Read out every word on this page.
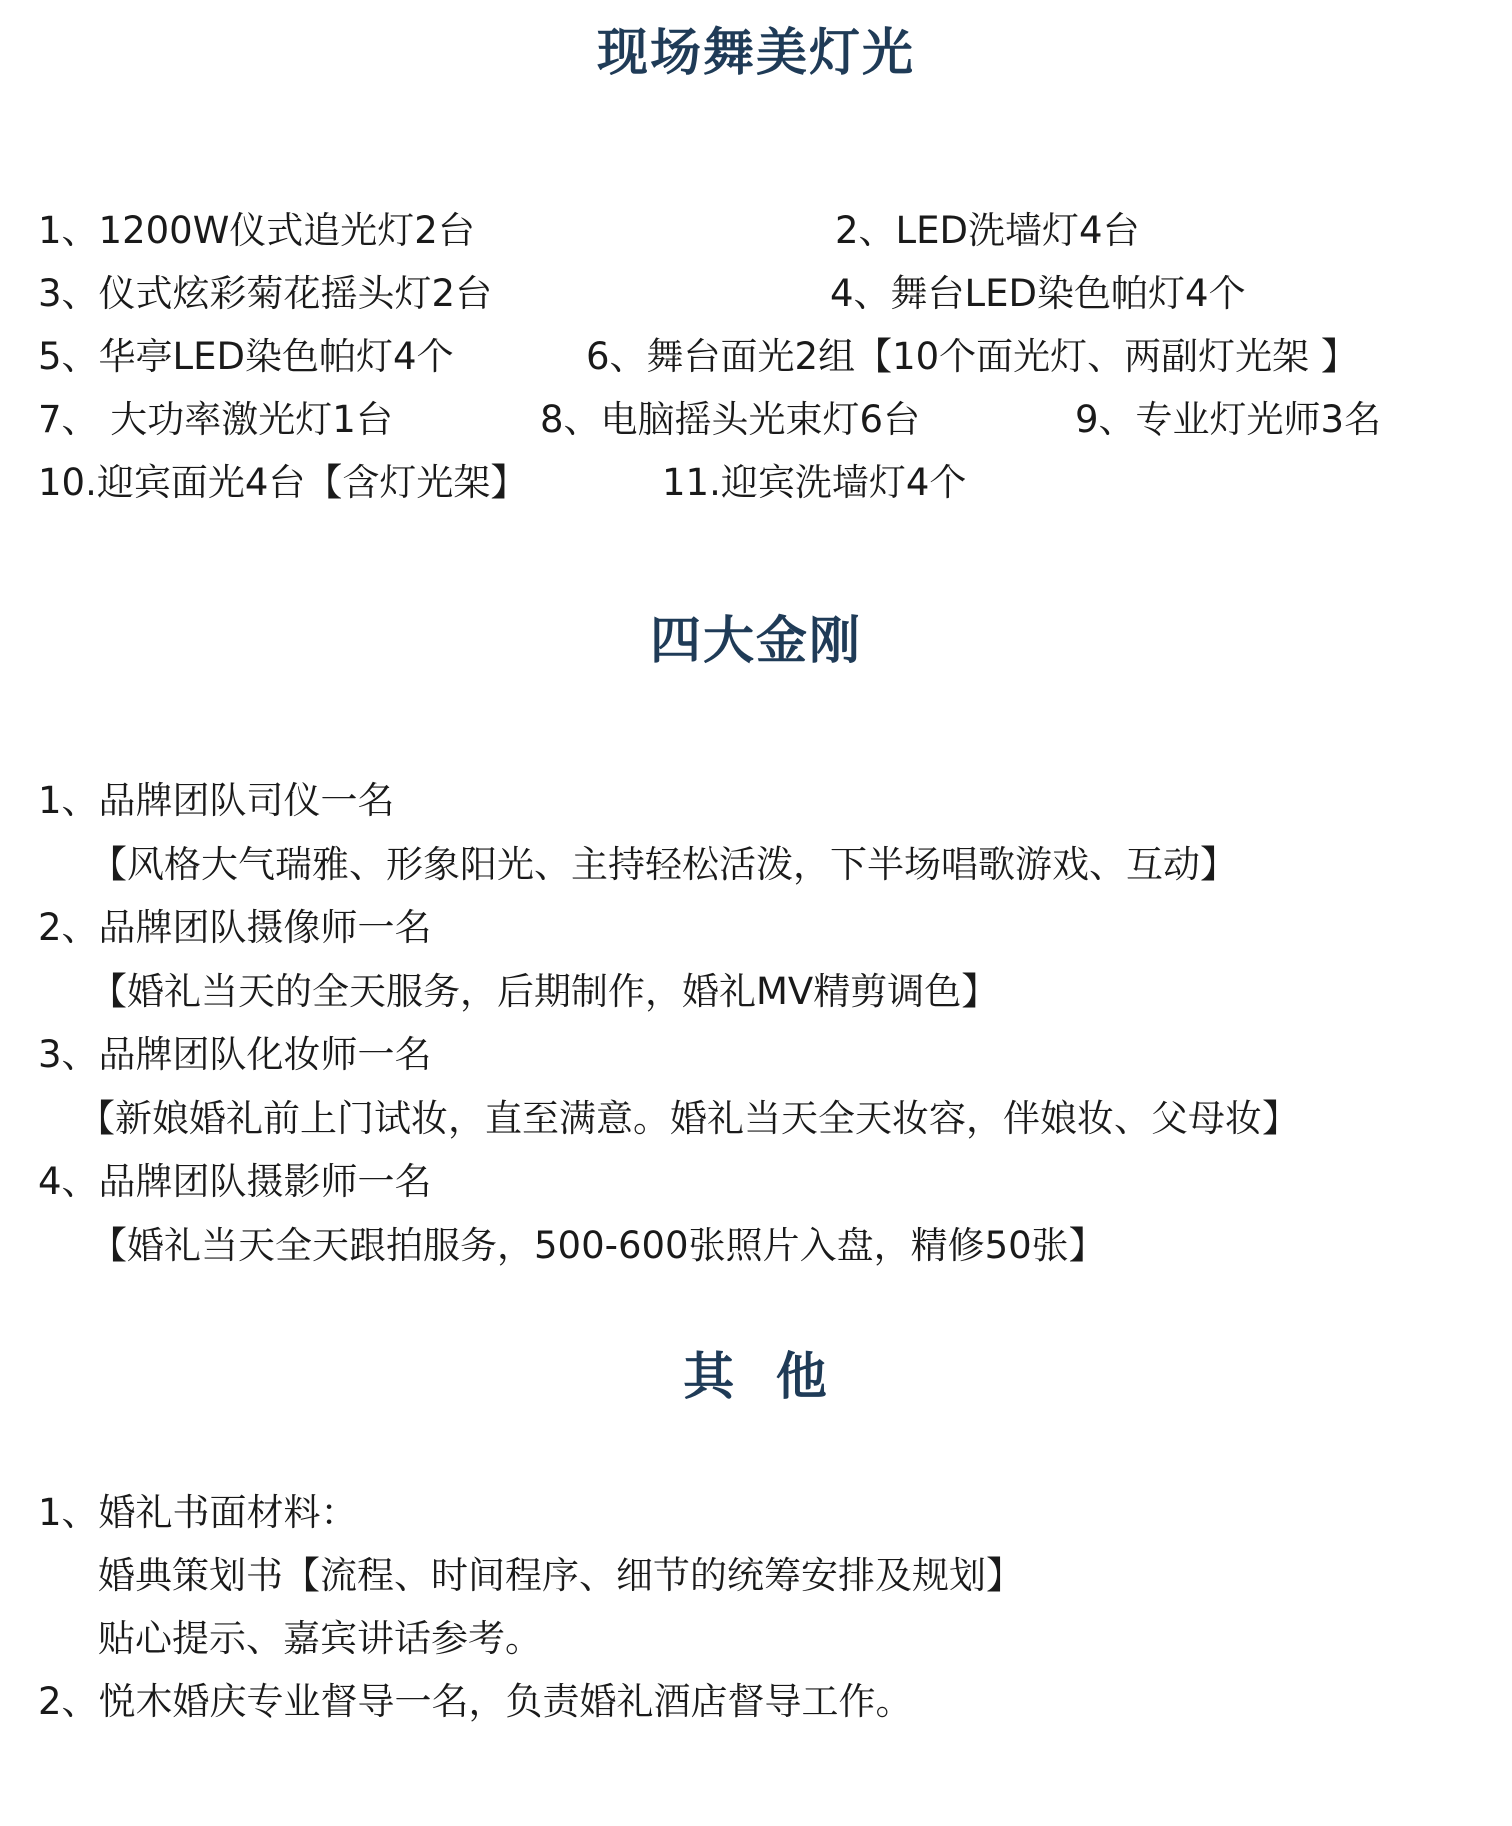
现场舞美灯光
1、1200W仪式追光灯2台	2、LED洗墙灯4台
3、仪式炫彩菊花摇头灯2台	4、舞台LED染色帕灯4个
5、华亭LED染色帕灯4个	6、舞台面光2组【10个面光灯、两副灯光架 】
7、 大功率激光灯1台	8、电脑摇头光束灯6台	9、专业灯光师3名
10.迎宾面光4台【含灯光架】	11.迎宾洗墙灯4个
四大金刚
1、品牌团队司仪一名
【风格大气瑞雅、形象阳光、主持轻松活泼，下半场唱歌游戏、互动】
2、品牌团队摄像师一名
【婚礼当天的全天服务，后期制作，婚礼MV精剪调色】
3、品牌团队化妆师一名
【新娘婚礼前上门试妆，直至满意。婚礼当天全天妆容，伴娘妆、父母妆】
4、品牌团队摄影师一名
【婚礼当天全天跟拍服务，500-600张照片入盘，精修50张】
其  他
1、婚礼书面材料：
婚典策划书【流程、时间程序、细节的统筹安排及规划】
贴心提示、嘉宾讲话参考。
2、悦木婚庆专业督导一名，负责婚礼酒店督导工作。
